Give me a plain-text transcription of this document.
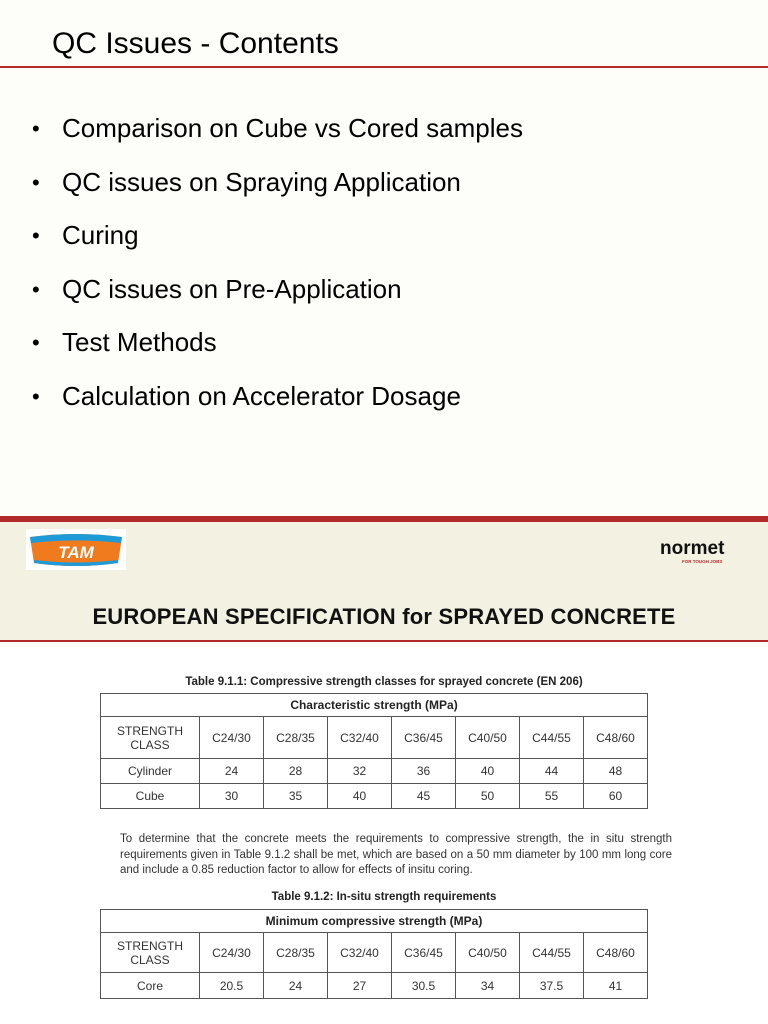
QC Issues - Contents
• Comparison on Cube vs Cored samples
• QC issues on Spraying Application
• Curing
• QC issues on Pre-Application
• Test Methods
• Calculation on Accelerator Dosage
TAM	normet
FOR TOUGH JOBS
EUROPEAN SPECIFICATION for SPRAYED CONCRETE
Table 9.1.1: Compressive strength classes for sprayed concrete (EN 206)
Characteristic strength (MPa)							
STRENGTH CLASS	C24/30	C28/35	C32/40	C36/45	C40/50	C44/55	C48/60
Cylinder	24	28	32	36	40	44	48
Cube	30	35	40	45	50	55	60
To determine that the concrete meets the requirements to compressive strength, the in situ strength requirements given in Table 9.1.2 shall be met, which are based on a 50 mm diameter by 100 mm long core and include a 0.85 reduction factor to allow for effects of insitu coring.
Table 9.1.2: In-situ strength requirements
Minimum compressive strength (MPa)							
STRENGTH CLASS	C24/30	C28/35	C32/40	C36/45	C40/50	C44/55	C48/60
Core	20.5	24	27	30.5	34	37.5	41
